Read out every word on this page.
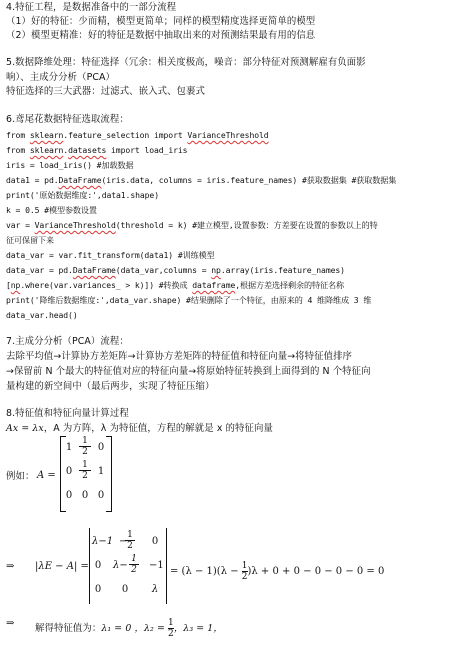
4.特征工程，是数据准备中的一部分流程
（1）好的特征：少而精，模型更简单；同样的模型精度选择更简单的模型
（2）模型更精准：好的特征是数据中抽取出来的对预测结果最有用的信息
5.数据降维处理：特征选择（冗余：相关度极高，噪音：部分特征对预测解雇有负面影
响）、主成分分析（PCA）
特征选择的三大武器：过滤式、嵌入式、包裹式
6.鸢尾花数据特征选取流程：
from sklearn.feature_selection import VarianceThreshold
from sklearn.datasets import load_iris
iris = load_iris() #加载数据
data1 = pd.DataFrame(iris.data, columns = iris.feature_names) #获取数据集 #获取数据集
print('原始数据维度:',data1.shape)
k = 0.5 #模型参数设置
var = VarianceThreshold(threshold = k) #建立模型,设置参数：方差要在设置的参数以上的特
征可保留下来
data_var = var.fit_transform(data1) #训练模型
data_var = pd.DataFrame(data_var,columns = np.array(iris.feature_names)
[np.where(var.variances_ > k)]) #转换成 dataframe,根据方差选择剩余的特征名称
print('降维后数据维度:',data_var.shape) #结果删除了一个特征，由原来的 4 维降维成 3 维
data_var.head()
7.主成分分析（PCA）流程：
去除平均值→计算协方差矩阵→计算协方差矩阵的特征值和特征向量→将特征值排序
→保留前 N 个最大的特征值对应的特征向量→将原始特征转换到上面得到的 N 个特征向
量构建的新空间中（最后两步，实现了特征压缩）
8.特征值和特征向量计算过程
Ax = λx，A 为方阵，λ 为特征值，方程的解就是 x 的特征向量
例如： A =
$1 \frac{1}{2} 0$
$0 \frac{1}{2} 1$
0 0 0
⇒ |λE − A| =
λ−1 −
$\frac{1}{2} 0$
0 $\lambda- \frac{1}{2} -1$
0 0 λ
= $(\lambda - 1)(\lambda - \frac{1}{2} )\lambda + 0 + 0 - 0 - 0 - 0 = 0$
⇒ 解得特征值为：λ₁ = 0 ，$\lambda_2 = \frac{1}{2}$ ，λ₃ = 1，
